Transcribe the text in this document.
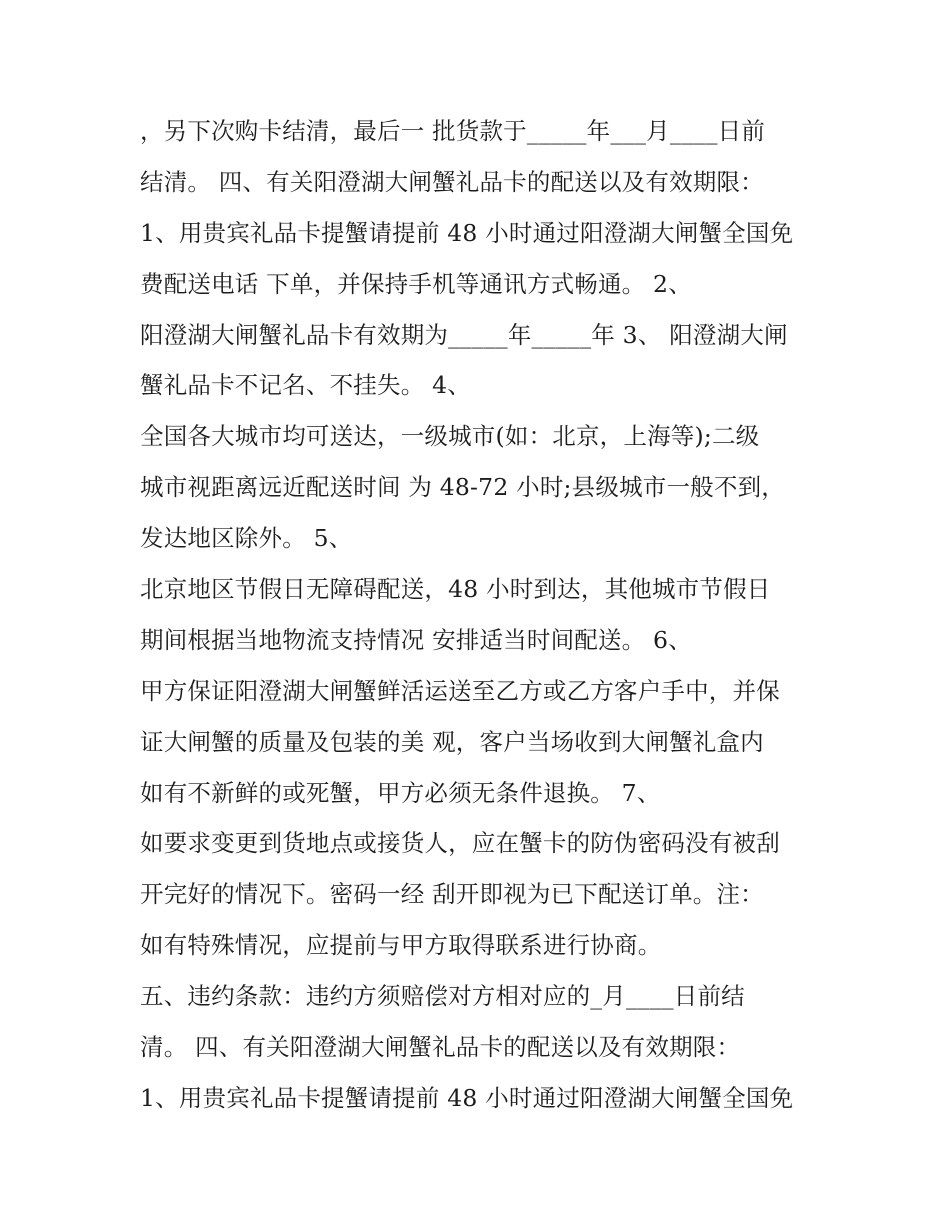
，另下次购卡结清，最后一 批货款于_____年___月____日前
结清。 四、有关阳澄湖大闸蟹礼品卡的配送以及有效期限：
1、用贵宾礼品卡提蟹请提前 48 小时通过阳澄湖大闸蟹全国免
费配送电话 下单，并保持手机等通讯方式畅通。 2、
阳澄湖大闸蟹礼品卡有效期为_____年_____年 3、 阳澄湖大闸
蟹礼品卡不记名、不挂失。 4、
全国各大城市均可送达，一级城市(如：北京，上海等);二级
城市视距离远近配送时间 为 48-72 小时;县级城市一般不到，
发达地区除外。 5、
北京地区节假日无障碍配送，48 小时到达，其他城市节假日
期间根据当地物流支持情况 安排适当时间配送。 6、
甲方保证阳澄湖大闸蟹鲜活运送至乙方或乙方客户手中，并保
证大闸蟹的质量及包装的美 观，客户当场收到大闸蟹礼盒内
如有不新鲜的或死蟹，甲方必须无条件退换。 7、
如要求变更到货地点或接货人，应在蟹卡的防伪密码没有被刮
开完好的情况下。密码一经 刮开即视为已下配送订单。注：
如有特殊情况，应提前与甲方取得联系进行协商。
五、违约条款：违约方须赔偿对方相对应的_月____日前结
清。 四、有关阳澄湖大闸蟹礼品卡的配送以及有效期限：
1、用贵宾礼品卡提蟹请提前 48 小时通过阳澄湖大闸蟹全国免
